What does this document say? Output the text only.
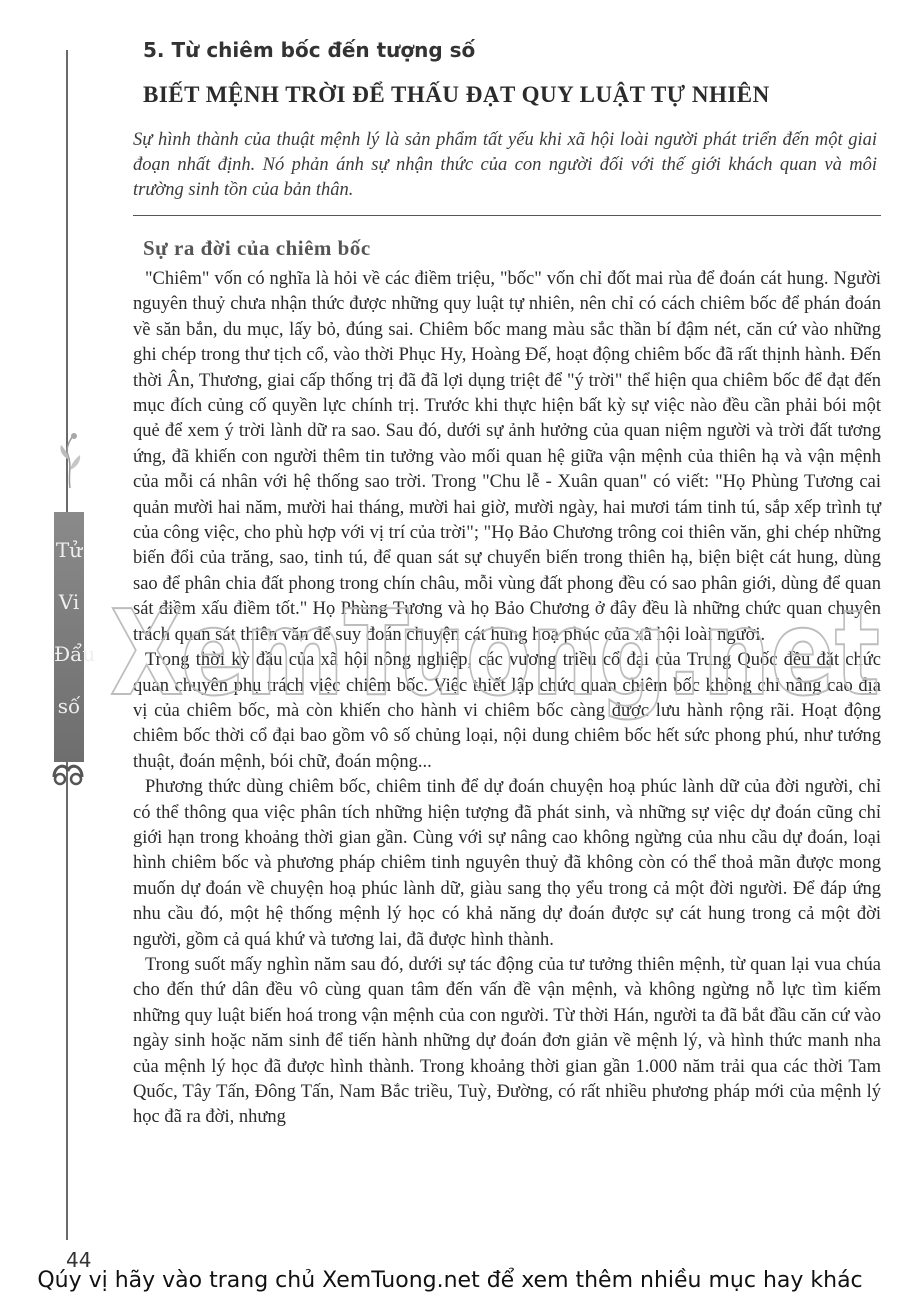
Tử
Vi
Đẩu
số
5. Từ chiêm bốc đến tượng số
BIẾT MỆNH TRỜI ĐỂ THẤU ĐẠT QUY LUẬT TỰ NHIÊN
Sự hình thành của thuật mệnh lý là sản phẩm tất yếu khi xã hội loài người phát triển đến một giai đoạn nhất định. Nó phản ánh sự nhận thức của con người đối với thế giới khách quan và môi trường sinh tồn của bản thân.
Sự ra đời của chiêm bốc

"Chiêm" vốn có nghĩa là hỏi về các điềm triệu, "bốc" vốn chỉ đốt mai rùa để đoán cát hung. Người nguyên thuỷ chưa nhận thức được những quy luật tự nhiên, nên chỉ có cách chiêm bốc để phán đoán về săn bắn, du mục, lấy bỏ, đúng sai. Chiêm bốc mang màu sắc thần bí đậm nét, căn cứ vào những ghi chép trong thư tịch cổ, vào thời Phục Hy, Hoàng Đế, hoạt động chiêm bốc đã rất thịnh hành. Đến thời Ân, Thương, giai cấp thống trị đã đã lợi dụng triệt để "ý trời" thể hiện qua chiêm bốc để đạt đến mục đích củng cố quyền lực chính trị. Trước khi thực hiện bất kỳ sự việc nào đều cần phải bói một quẻ để xem ý trời lành dữ ra sao. Sau đó, dưới sự ảnh hưởng của quan niệm người và trời đất tương ứng, đã khiến con người thêm tin tưởng vào mối quan hệ giữa vận mệnh của thiên hạ và vận mệnh của mỗi cá nhân với hệ thống sao trời. Trong "Chu lễ - Xuân quan" có viết: "Họ Phùng Tương cai quản mười hai năm, mười hai tháng, mười hai giờ, mười ngày, hai mươi tám tinh tú, sắp xếp trình tự của công việc, cho phù hợp với vị trí của trời"; "Họ Bảo Chương trông coi thiên văn, ghi chép những biến đổi của trăng, sao, tinh tú, để quan sát sự chuyển biến trong thiên hạ, biện biệt cát hung, dùng sao để phân chia đất phong trong chín châu, mỗi vùng đất phong đều có sao phân giới, dùng để quan sát điềm xấu điềm tốt." Họ Phùng Tương và họ Bảo Chương ở đây đều là những chức quan chuyên trách quan sát thiên văn để suy đoán chuyện cát hung hoạ phúc của xã hội loài người.

Trong thời kỳ đầu của xã hội nông nghiệp, các vương triều cổ đại của Trung Quốc đều đặt chức quan chuyên phụ trách việc chiêm bốc. Việc thiết lập chức quan chiêm bốc không chỉ nâng cao địa vị của chiêm bốc, mà còn khiến cho hành vi chiêm bốc càng được lưu hành rộng rãi. Hoạt động chiêm bốc thời cổ đại bao gồm vô số chủng loại, nội dung chiêm bốc hết sức phong phú, như tướng thuật, đoán mệnh, bói chữ, đoán mộng...

Phương thức dùng chiêm bốc, chiêm tinh để dự đoán chuyện hoạ phúc lành dữ của đời người, chỉ có thể thông qua việc phân tích những hiện tượng đã phát sinh, và những sự việc dự đoán cũng chỉ giới hạn trong khoảng thời gian gần. Cùng với sự nâng cao không ngừng của nhu cầu dự đoán, loại hình chiêm bốc và phương pháp chiêm tinh nguyên thuỷ đã không còn có thể thoả mãn được mong muốn dự đoán về chuyện hoạ phúc lành dữ, giàu sang thọ yểu trong cả một đời người. Để đáp ứng nhu cầu đó, một hệ thống mệnh lý học có khả năng dự đoán được sự cát hung trong cả một đời người, gồm cả quá khứ và tương lai, đã được hình thành.

Trong suốt mấy nghìn năm sau đó, dưới sự tác động của tư tưởng thiên mệnh, từ quan lại vua chúa cho đến thứ dân đều vô cùng quan tâm đến vấn đề vận mệnh, và không ngừng nỗ lực tìm kiếm những quy luật biến hoá trong vận mệnh của con người. Từ thời Hán, người ta đã bắt đầu căn cứ vào ngày sinh hoặc năm sinh để tiến hành những dự đoán đơn giản về mệnh lý, và hình thức manh nha của mệnh lý học đã được hình thành. Trong khoảng thời gian gần 1.000 năm trải qua các thời Tam Quốc, Tây Tấn, Đông Tấn, Nam Bắc triều, Tuỳ, Đường, có rất nhiều phương pháp mới của mệnh lý học đã ra đời, nhưng

XemTuong.net
44
Qúy vị hãy vào trang chủ XemTuong.net để xem thêm nhiều mục hay khác
